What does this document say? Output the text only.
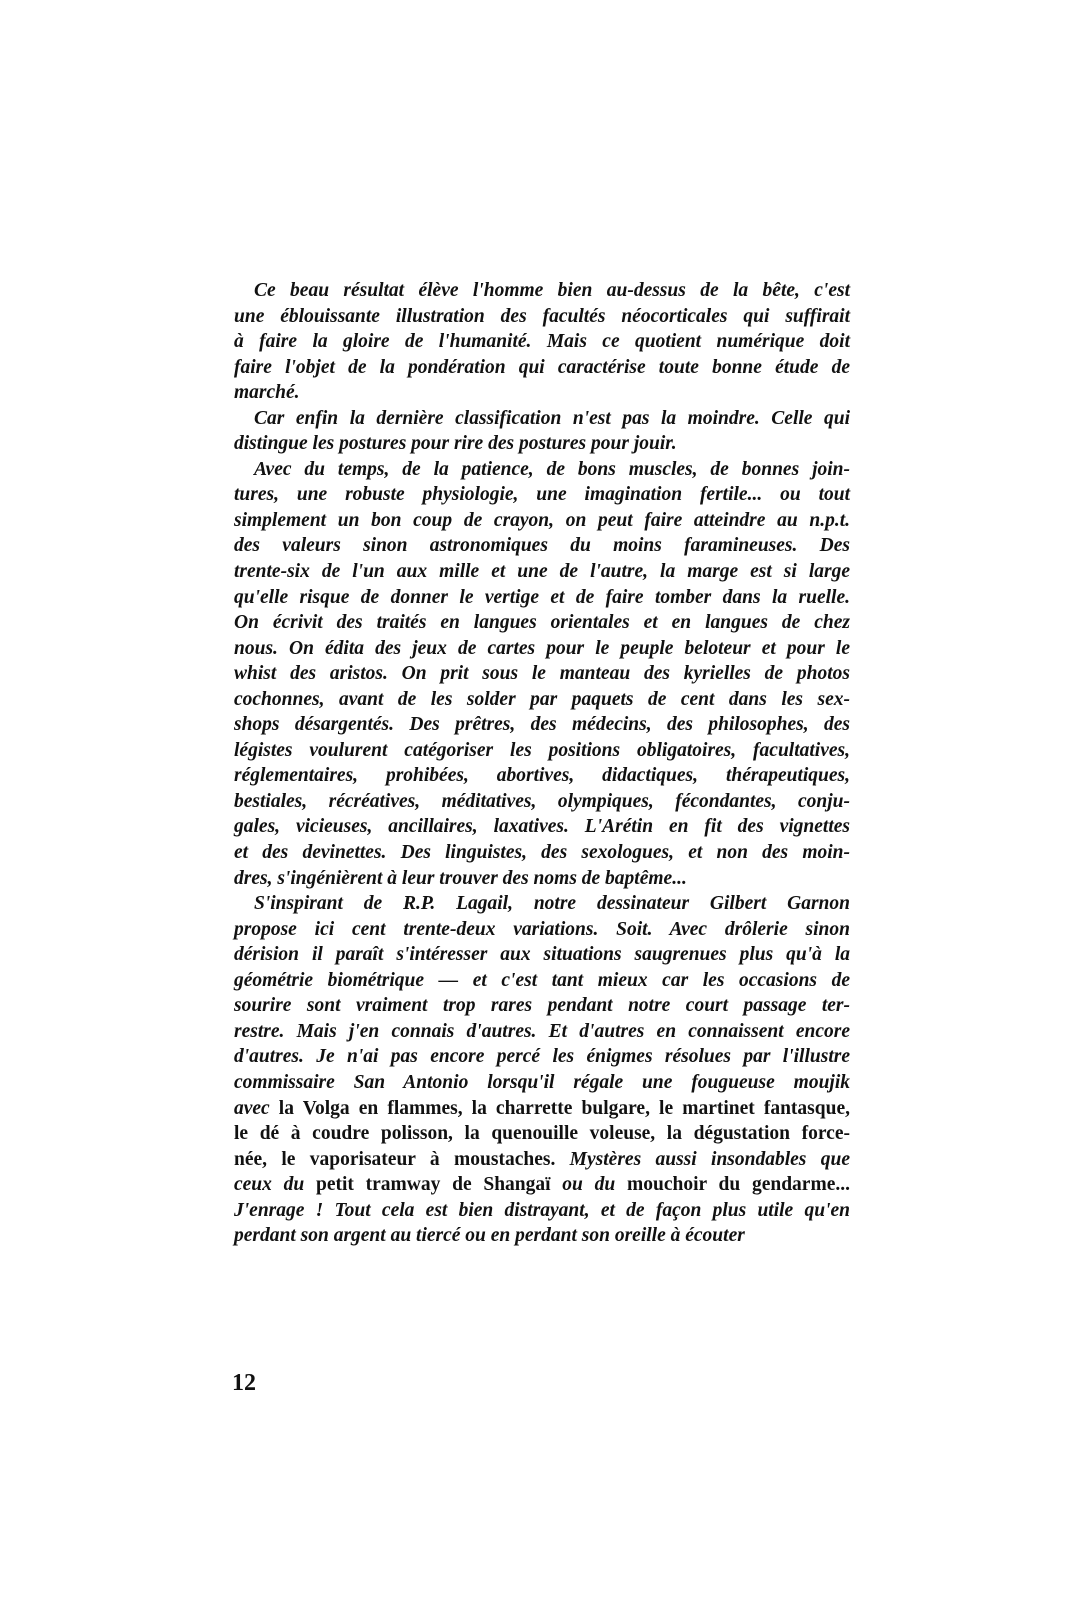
Ce beau résultat élève l'homme bien au-dessus de la bête, c'est
une éblouissante illustration des facultés néocorticales qui suffirait
à faire la gloire de l'humanité. Mais ce quotient numérique doit
faire l'objet de la pondération qui caractérise toute bonne étude de
marché.

Car enfin la dernière classification n'est pas la moindre. Celle qui
distingue les postures pour rire des postures pour jouir.

Avec du temps, de la patience, de bons muscles, de bonnes join-
tures, une robuste physiologie, une imagination fertile... ou tout
simplement un bon coup de crayon, on peut faire atteindre au n.p.t.
des valeurs sinon astronomiques du moins faramineuses. Des
trente-six de l'un aux mille et une de l'autre, la marge est si large
qu'elle risque de donner le vertige et de faire tomber dans la ruelle.
On écrivit des traités en langues orientales et en langues de chez
nous. On édita des jeux de cartes pour le peuple beloteur et pour le
whist des aristos. On prit sous le manteau des kyrielles de photos
cochonnes, avant de les solder par paquets de cent dans les sex-
shops désargentés. Des prêtres, des médecins, des philosophes, des
légistes voulurent catégoriser les positions obligatoires, facultatives,
réglementaires, prohibées, abortives, didactiques, thérapeutiques,
bestiales, récréatives, méditatives, olympiques, fécondantes, conju-
gales, vicieuses, ancillaires, laxatives. L'Arétin en fit des vignettes
et des devinettes. Des linguistes, des sexologues, et non des moin-
dres, s'ingénièrent à leur trouver des noms de baptême...

S'inspirant de R.P. Lagail, notre dessinateur Gilbert Garnon
propose ici cent trente-deux variations. Soit. Avec drôlerie sinon
dérision il paraît s'intéresser aux situations saugrenues plus qu'à la
géométrie biométrique — et c'est tant mieux car les occasions de
sourire sont vraiment trop rares pendant notre court passage ter-
restre. Mais j'en connais d'autres. Et d'autres en connaissent encore
d'autres. Je n'ai pas encore percé les énigmes résolues par l'illustre
commissaire San Antonio lorsqu'il régale une fougueuse moujik
avec la Volga en flammes, la charrette bulgare, le martinet fantasque,
le dé à coudre polisson, la quenouille voleuse, la dégustation force-
née, le vaporisateur à moustaches. Mystères aussi insondables que
ceux du petit tramway de Shangaï ou du mouchoir du gendarme...
J'enrage ! Tout cela est bien distrayant, et de façon plus utile qu'en
perdant son argent au tiercé ou en perdant son oreille à écouter

12
